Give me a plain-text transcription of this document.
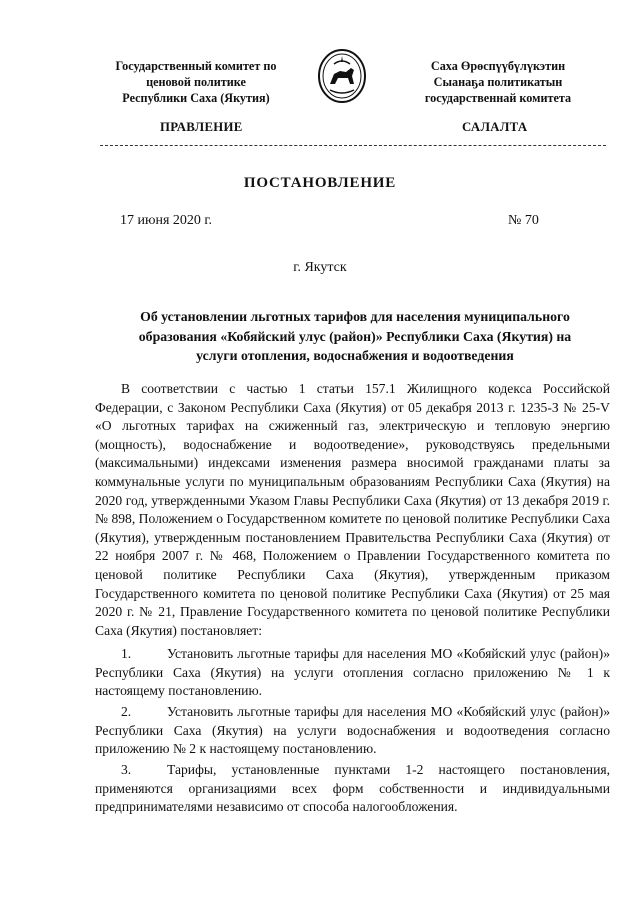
Государственный комитет по
ценовой политике
Республики Саха (Якутия)
Саха Өрөспүүбүлүкэтин
Сыанаҕа политикатын
государственнай комитета
ПРАВЛЕНИЕ	САЛАЛТА
ПОСТАНОВЛЕНИЕ
17 июня 2020 г.	№ 70
г. Якутск
Об установлении льготных тарифов для населения муниципального
образования «Кобяйский улус (район)» Республики Саха (Якутия) на
услуги отопления, водоснабжения и водоотведения

В соответствии с частью 1 статьи 157.1 Жилищного кодекса Российской Федерации, с Законом Республики Саха (Якутия) от 05 декабря 2013 г. 1235-З № 25-V «О льготных тарифах на сжиженный газ, электрическую и тепловую энергию (мощность), водоснабжение и водоотведение», руководствуясь предельными (максимальными) индексами изменения размера вносимой гражданами платы за коммунальные услуги по муниципальным образованиям Республики Саха (Якутия) на 2020 год, утвержденными Указом Главы Республики Саха (Якутия) от 13 декабря 2019 г. № 898, Положением о Государственном комитете по ценовой политике Республики Саха (Якутия), утвержденным постановлением Правительства Республики Саха (Якутия) от 22 ноября 2007 г. № 468, Положением о Правлении Государственного комитета по ценовой политике Республики Саха (Якутия), утвержденным приказом Государственного комитета по ценовой политике Республики Саха (Якутия) от 25 мая 2020 г. № 21, Правление Государственного комитета по ценовой политике Республики Саха (Якутия) постановляет:

1.	Установить льготные тарифы для населения МО «Кобяйский улус (район)» Республики Саха (Якутия) на услуги отопления согласно приложению № 1 к настоящему постановлению.
2.	Установить льготные тарифы для населения МО «Кобяйский улус (район)» Республики Саха (Якутия) на услуги водоснабжения и водоотведения согласно приложению № 2 к настоящему постановлению.
3.	Тарифы, установленные пунктами 1-2 настоящего постановления, применяются организациями всех форм собственности и индивидуальными предпринимателями независимо от способа налогообложения.
